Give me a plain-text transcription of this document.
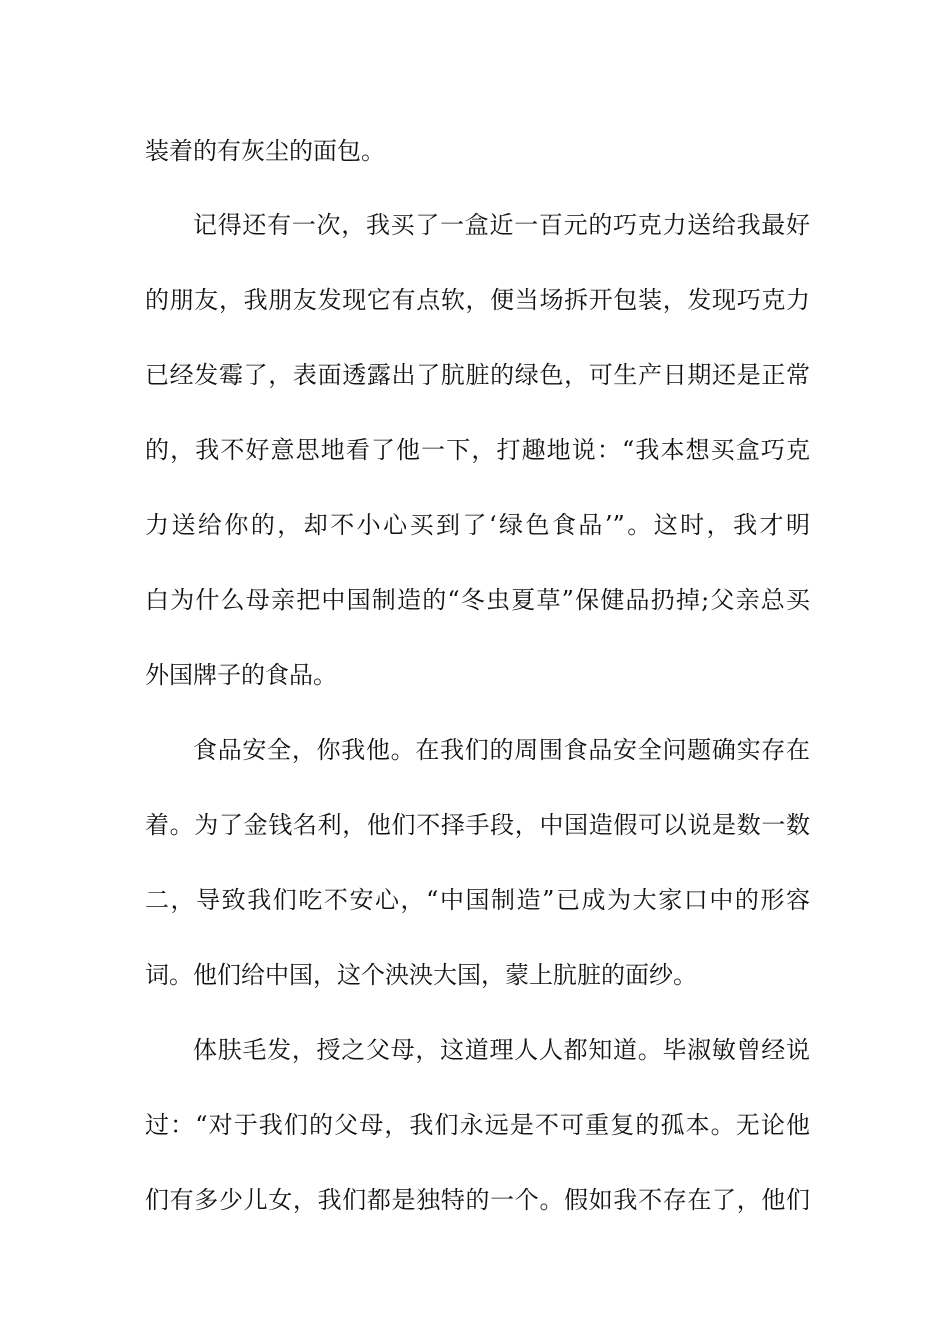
装着的有灰尘的面包。
记得还有一次，我买了一盒近一百元的巧克力送给我最好
的朋友，我朋友发现它有点软，便当场拆开包装，发现巧克力
已经发霉了，表面透露出了肮脏的绿色，可生产日期还是正常
的，我不好意思地看了他一下，打趣地说：“我本想买盒巧克
力送给你的，却不小心买到了‘绿色食品’”。这时，我才明
白为什么母亲把中国制造的“冬虫夏草”保健品扔掉;父亲总买
外国牌子的食品。
食品安全，你我他。在我们的周围食品安全问题确实存在
着。为了金钱名利，他们不择手段，中国造假可以说是数一数
二，导致我们吃不安心，“中国制造”已成为大家口中的形容
词。他们给中国，这个泱泱大国，蒙上肮脏的面纱。
体肤毛发，授之父母，这道理人人都知道。毕淑敏曾经说
过：“对于我们的父母，我们永远是不可重复的孤本。无论他
们有多少儿女，我们都是独特的一个。假如我不存在了，他们
